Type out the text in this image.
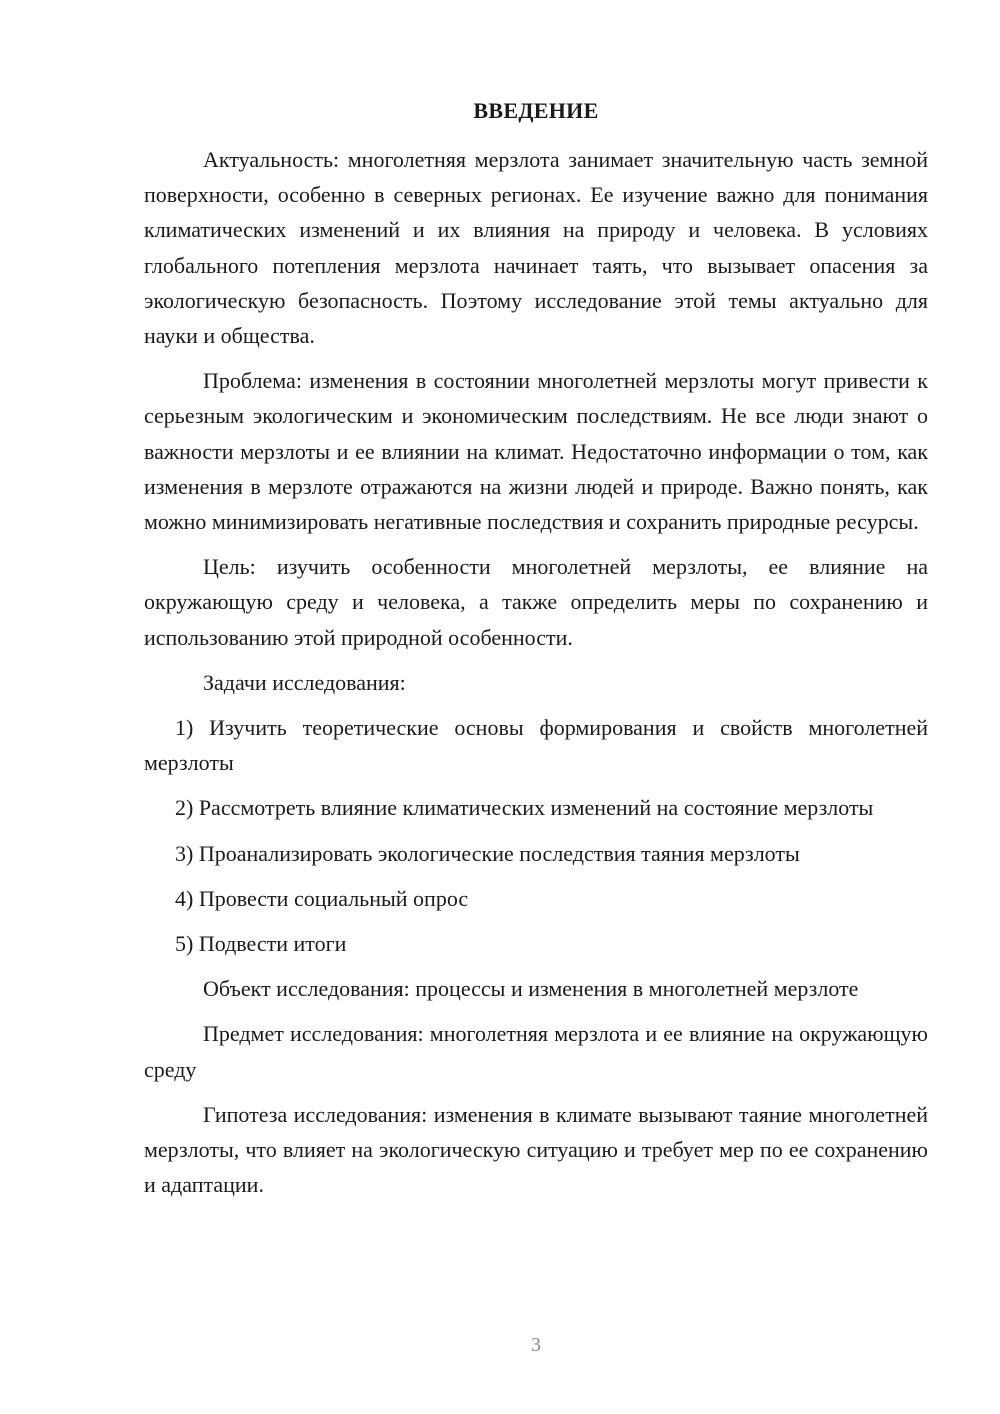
ВВЕДЕНИЕ

Актуальность: многолетняя мерзлота занимает значительную часть земной поверхности, особенно в северных регионах. Ее изучение важно для понимания климатических изменений и их влияния на природу и человека. В условиях глобального потепления мерзлота начинает таять, что вызывает опасения за экологическую безопасность. Поэтому исследование этой темы актуально для науки и общества.

Проблема: изменения в состоянии многолетней мерзлоты могут привести к серьезным экологическим и экономическим последствиям. Не все люди знают о важности мерзлоты и ее влиянии на климат. Недостаточно информации о том, как изменения в мерзлоте отражаются на жизни людей и природе. Важно понять, как можно минимизировать негативные последствия и сохранить природные ресурсы.

Цель: изучить особенности многолетней мерзлоты, ее влияние на окружающую среду и человека, а также определить меры по сохранению и использованию этой природной особенности.

Задачи исследования:

1) Изучить теоретические основы формирования и свойств многолетней мерзлоты

2) Рассмотреть влияние климатических изменений на состояние мерзлоты

3) Проанализировать экологические последствия таяния мерзлоты

4) Провести социальный опрос

5) Подвести итоги

Объект исследования: процессы и изменения в многолетней мерзлоте

Предмет исследования: многолетняя мерзлота и ее влияние на окружающую среду

Гипотеза исследования: изменения в климате вызывают таяние многолетней мерзлоты, что влияет на экологическую ситуацию и требует мер по ее сохранению и адаптации.

3
